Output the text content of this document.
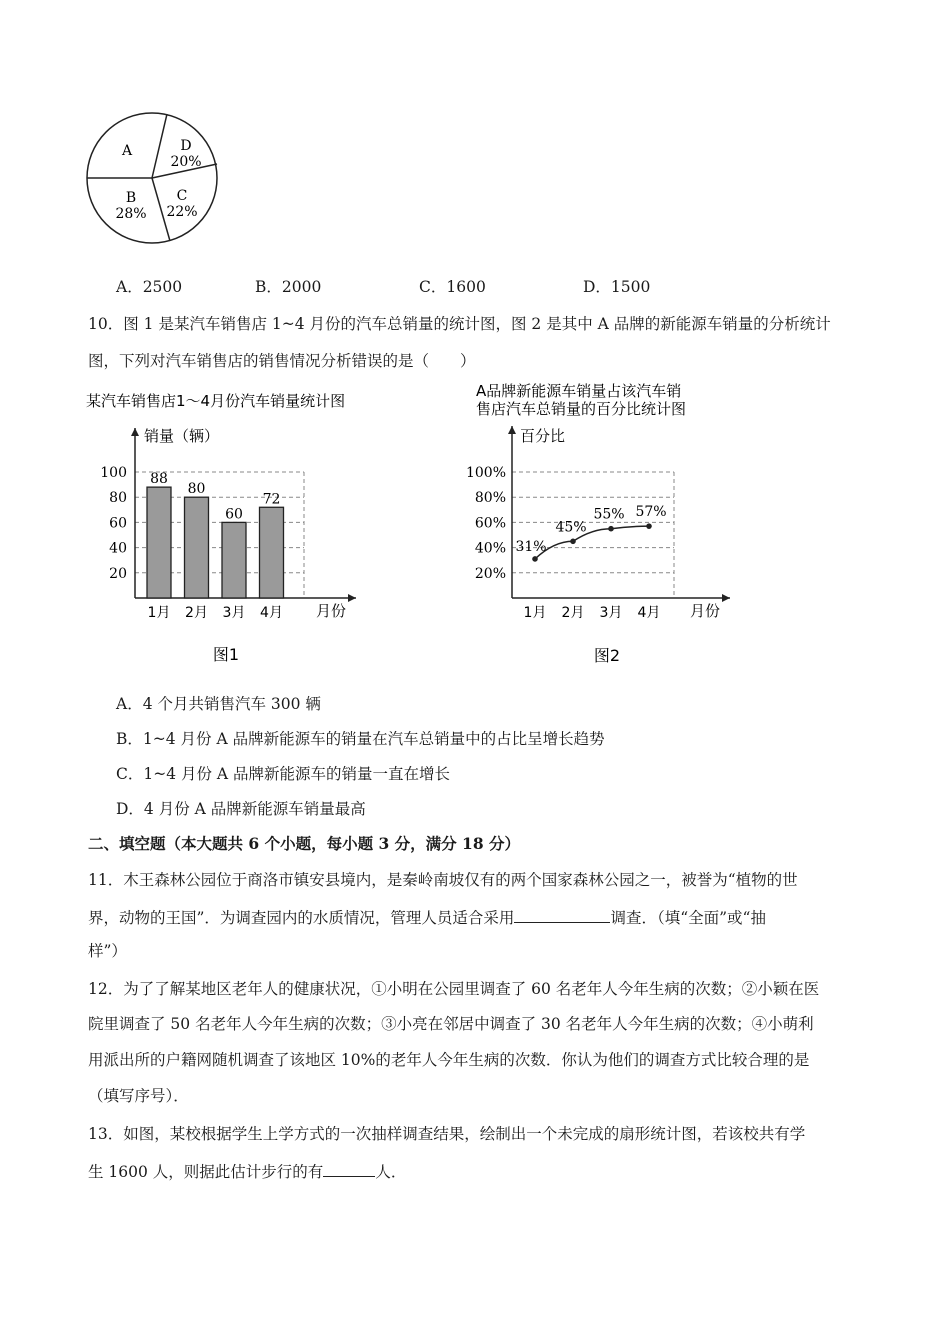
A	D
20%
C
22%
B
28%
A．2500	B．2000	C．1600	D．1500
10．图 1 是某汽车销售店 1~4 月份的汽车总销量的统计图，图 2 是其中 A 品牌的新能源车销量的分析统计
图，下列对汽车销售店的销售情况分析错误的是（　　）
某汽车销售店1～4月份汽车销量统计图
销量（辆）
月份
图1
20
40
60
80
100 88
1月
80
2月
60
3月
72
4月
A品牌新能源车销量占该汽车销
售店汽车总销量的百分比统计图
百分比
月份
图2
20%
40%
60%
80%
100%
31%
1月
45%
2月
55%
3月
57%
4月
A．4 个月共销售汽车 300 辆
B．1~4 月份 A 品牌新能源车的销量在汽车总销量中的占比呈增长趋势
C．1~4 月份 A 品牌新能源车的销量一直在增长
D．4 月份 A 品牌新能源车销量最高
二、填空题（本大题共 6 个小题，每小题 3 分，满分 18 分）
11．木王森林公园位于商洛市镇安县境内，是秦岭南坡仅有的两个国家森林公园之一，被誉为“植物的世
界，动物的王国”．为调查园内的水质情况，管理人员适合采用	调查．（填“全面”或“抽
样”）
12．为了了解某地区老年人的健康状况，①小明在公园里调查了 60 名老年人今年生病的次数；②小颖在医
院里调查了 50 名老年人今年生病的次数；③小亮在邻居中调查了 30 名老年人今年生病的次数；④小萌利
用派出所的户籍网随机调查了该地区 10%的老年人今年生病的次数．你认为他们的调查方式比较合理的是
（填写序号）．
13．如图，某校根据学生上学方式的一次抽样调查结果，绘制出一个未完成的扇形统计图，若该校共有学
生 1600 人，则据此估计步行的有	人．
